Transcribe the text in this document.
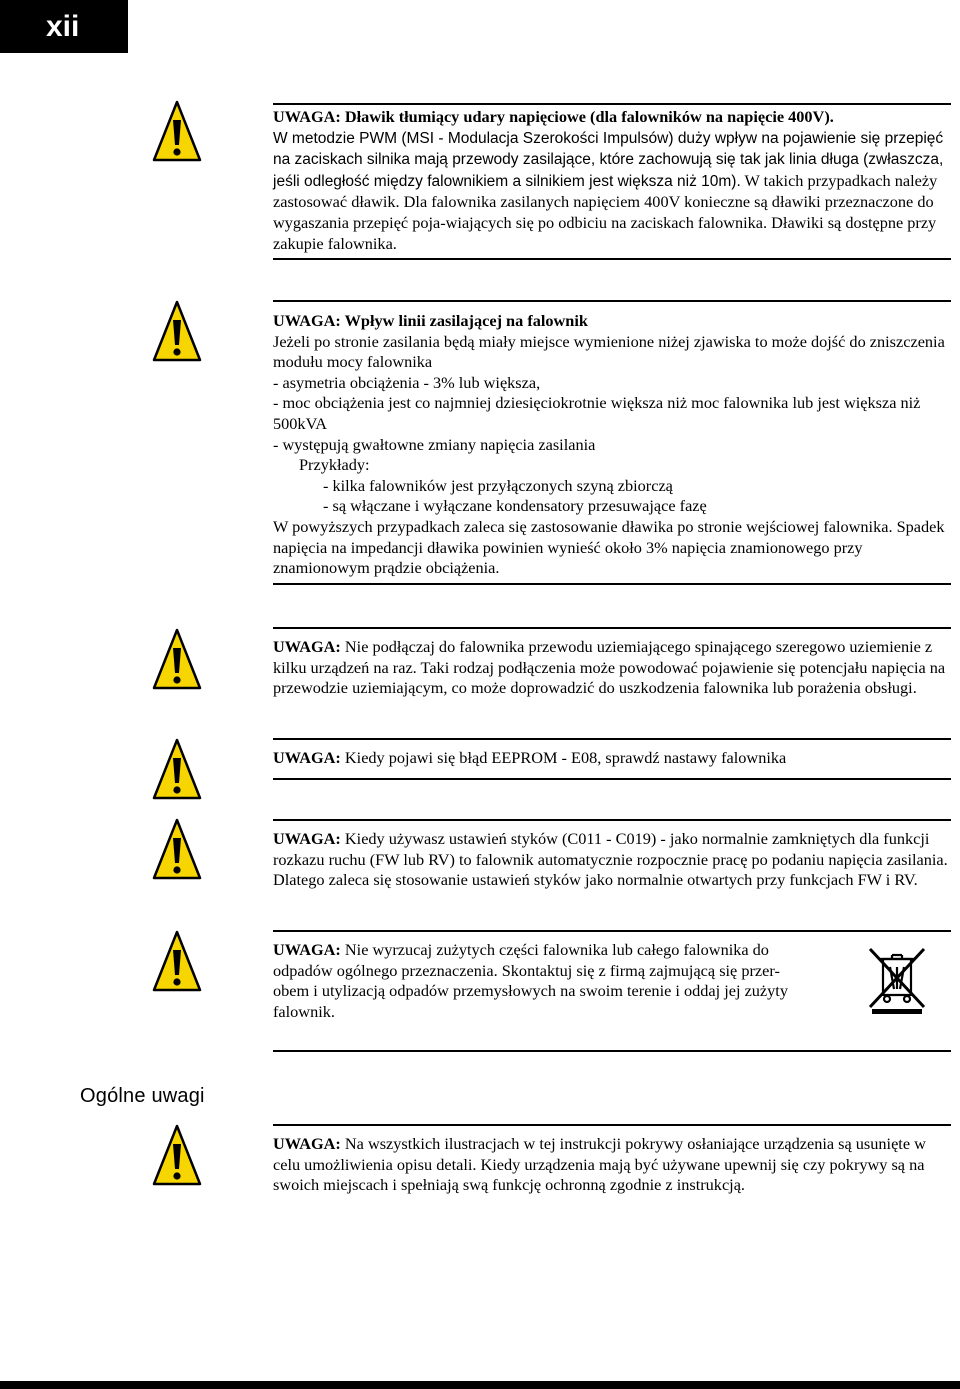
xii

UWAGA: Dławik tłumiący udary napięciowe (dla falowników na napięcie 400V).

W metodzie PWM (MSI - Modulacja Szerokości Impulsów) duży wpływ na pojawienie się przepięć na zaciskach silnika mają przewody zasilające, które zachowują się tak jak linia długa (zwłaszcza, jeśli odległość między falownikiem a silnikiem jest większa niż 10m). W takich przypadkach należy zastosować dławik. Dla falownika zasilanych napięciem 400V konieczne są dławiki przeznaczone do wygaszania przepięć poja-wiających się po odbiciu na zaciskach falownika. Dławiki są dostępne przy zakupie falownika.

UWAGA: Wpływ linii zasilającej na falownik

Jeżeli po stronie zasilania będą miały miejsce wymienione niżej zjawiska to może dojść do zniszczenia modułu mocy falownika

- asymetria obciążenia - 3% lub większa,

- moc obciążenia jest co najmniej dziesięciokrotnie większa niż moc falownika lub jest większa niż 500kVA

- występują gwałtowne zmiany napięcia zasilania

Przykłady:

- kilka falowników jest przyłączonych szyną zbiorczą

- są włączane i wyłączane kondensatory przesuwające fazę

W powyższych przypadkach zaleca się zastosowanie dławika po stronie wejściowej falownika. Spadek napięcia na impedancji dławika powinien wynieść około 3% napięcia znamionowego przy znamionowym prądzie obciążenia.

UWAGA: Nie podłączaj do falownika przewodu uziemiającego spinającego szeregowo uziemienie z kilku urządzeń na raz. Taki rodzaj podłączenia może powodować pojawienie się potencjału napięcia na przewodzie uziemiającym, co może doprowadzić do uszkodzenia falownika lub porażenia obsługi.

UWAGA: Kiedy pojawi się błąd EEPROM - E08, sprawdź nastawy falownika

UWAGA: Kiedy używasz ustawień styków (C011 - C019) - jako normalnie zamkniętych dla funkcji rozkazu ruchu (FW lub RV) to falownik automatycznie rozpocznie pracę po podaniu napięcia zasilania. Dlatego zaleca się stosowanie ustawień styków jako normalnie otwartych przy funkcjach FW i RV.

UWAGA: Nie wyrzucaj zużytych części falownika lub całego falownika do

odpadów ogólnego przeznaczenia. Skontaktuj się z firmą zajmującą się przer-

obem i utylizacją odpadów przemysłowych na swoim terenie i oddaj jej zużyty

falownik.

Ogólne uwagi

UWAGA: Na wszystkich ilustracjach w tej instrukcji pokrywy osłaniające urządzenia są usunięte w celu umożliwienia opisu detali. Kiedy urządzenia mają być używane upewnij się czy pokrywy są na swoich miejscach i spełniają swą funkcję ochronną zgodnie z instrukcją.
